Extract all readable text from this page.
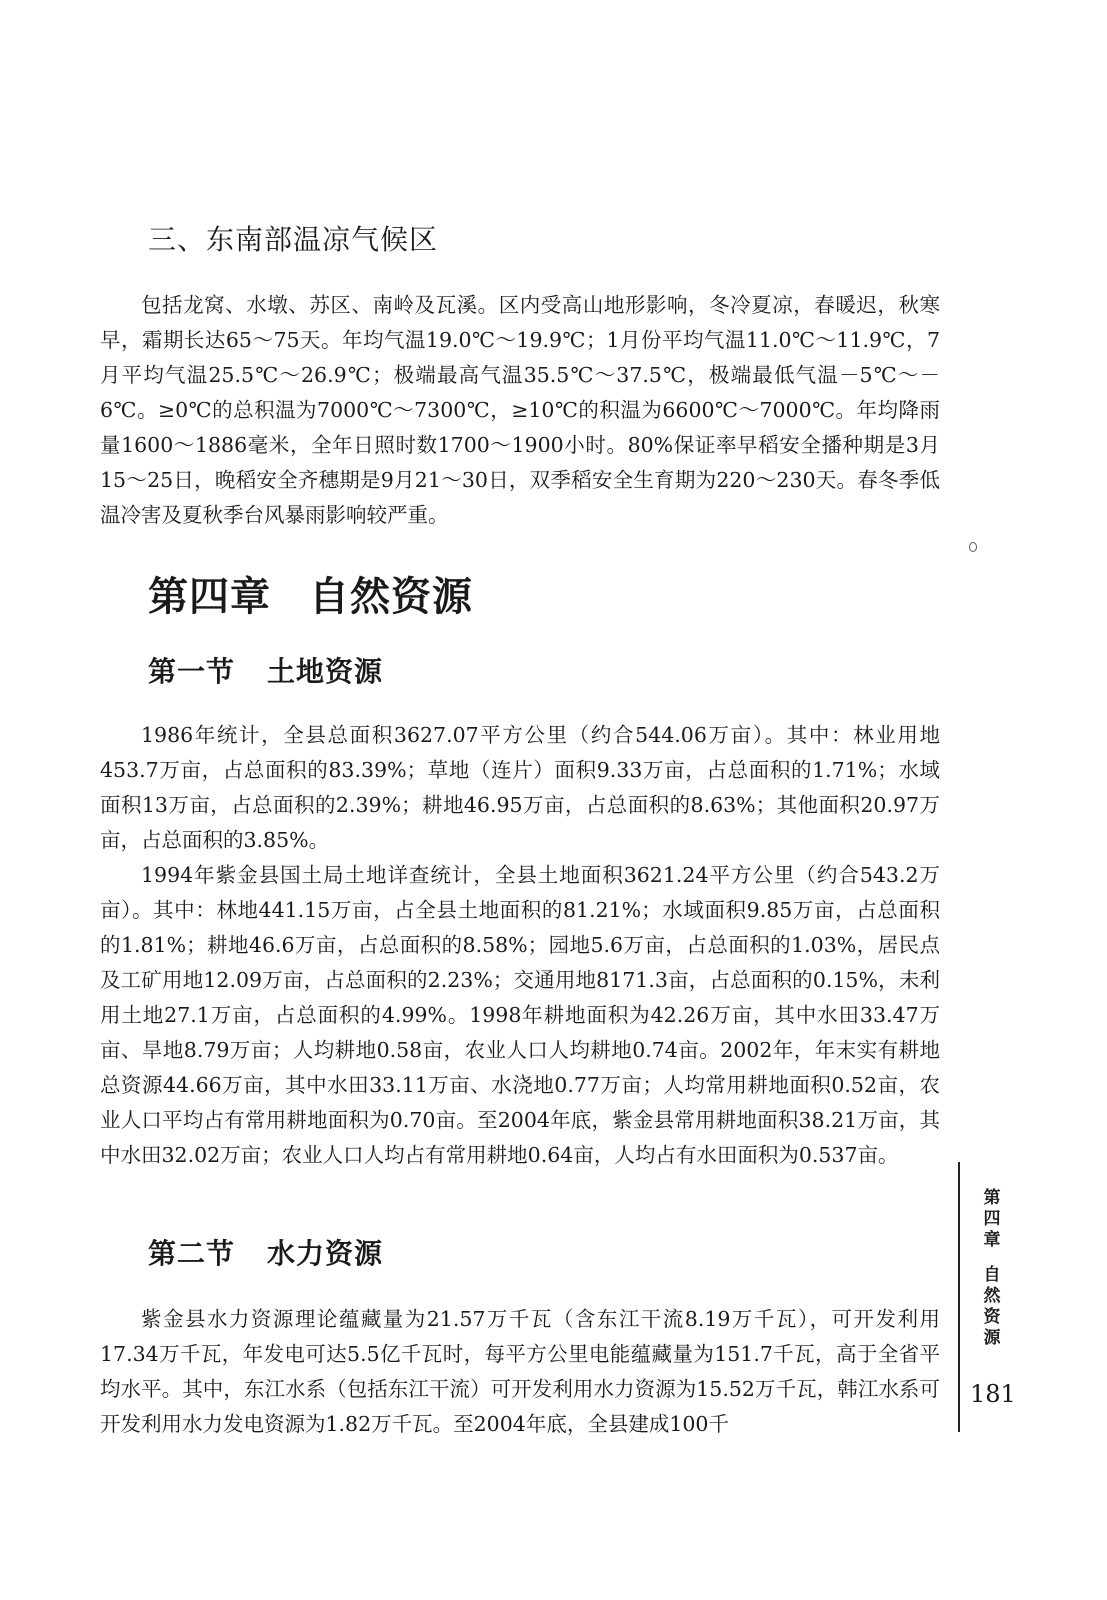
三、东南部温凉气候区

包括龙窝、水墩、苏区、南岭及瓦溪。区内受高山地形影响，冬冷夏凉，春暖迟，秋寒早，霜期长达65～75天。年均气温19.0℃～19.9℃；1月份平均气温11.0℃～11.9℃，7月平均气温25.5℃～26.9℃；极端最高气温35.5℃～37.5℃，极端最低气温－5℃～－6℃。≥0℃的总积温为7000℃～7300℃，≥10℃的积温为6600℃～7000℃。年均降雨量1600～1886毫米，全年日照时数1700～1900小时。80%保证率早稻安全播种期是3月15～25日，晚稻安全齐穗期是9月21～30日，双季稻安全生育期为220～230天。春冬季低温冷害及夏秋季台风暴雨影响较严重。

第四章 自然资源
第一节 土地资源

1986年统计，全县总面积3627.07平方公里（约合544.06万亩）。其中：林业用地453.7万亩，占总面积的83.39%；草地（连片）面积9.33万亩，占总面积的1.71%；水域面积13万亩，占总面积的2.39%；耕地46.95万亩，占总面积的8.63%；其他面积20.97万亩，占总面积的3.85%。

1994年紫金县国土局土地详查统计，全县土地面积3621.24平方公里（约合543.2万亩）。其中：林地441.15万亩，占全县土地面积的81.21%；水域面积9.85万亩，占总面积的1.81%；耕地46.6万亩，占总面积的8.58%；园地5.6万亩，占总面积的1.03%，居民点及工矿用地12.09万亩，占总面积的2.23%；交通用地8171.3亩，占总面积的0.15%，未利用土地27.1万亩，占总面积的4.99%。1998年耕地面积为42.26万亩，其中水田33.47万亩、旱地8.79万亩；人均耕地0.58亩，农业人口人均耕地0.74亩。2002年，年末实有耕地总资源44.66万亩，其中水田33.11万亩、水浇地0.77万亩；人均常用耕地面积0.52亩，农业人口平均占有常用耕地面积为0.70亩。至2004年底，紫金县常用耕地面积38.21万亩，其中水田32.02万亩；农业人口人均占有常用耕地0.64亩，人均占有水田面积为0.537亩。

第二节 水力资源

紫金县水力资源理论蕴藏量为21.57万千瓦（含东江干流8.19万千瓦），可开发利用17.34万千瓦，年发电可达5.5亿千瓦时，每平方公里电能蕴藏量为151.7千瓦，高于全省平均水平。其中，东江水系（包括东江干流）可开发利用水力资源为15.52万千瓦，韩江水系可开发利用水力发电资源为1.82万千瓦。至2004年底，全县建成100千

第四章
自然资源
181
